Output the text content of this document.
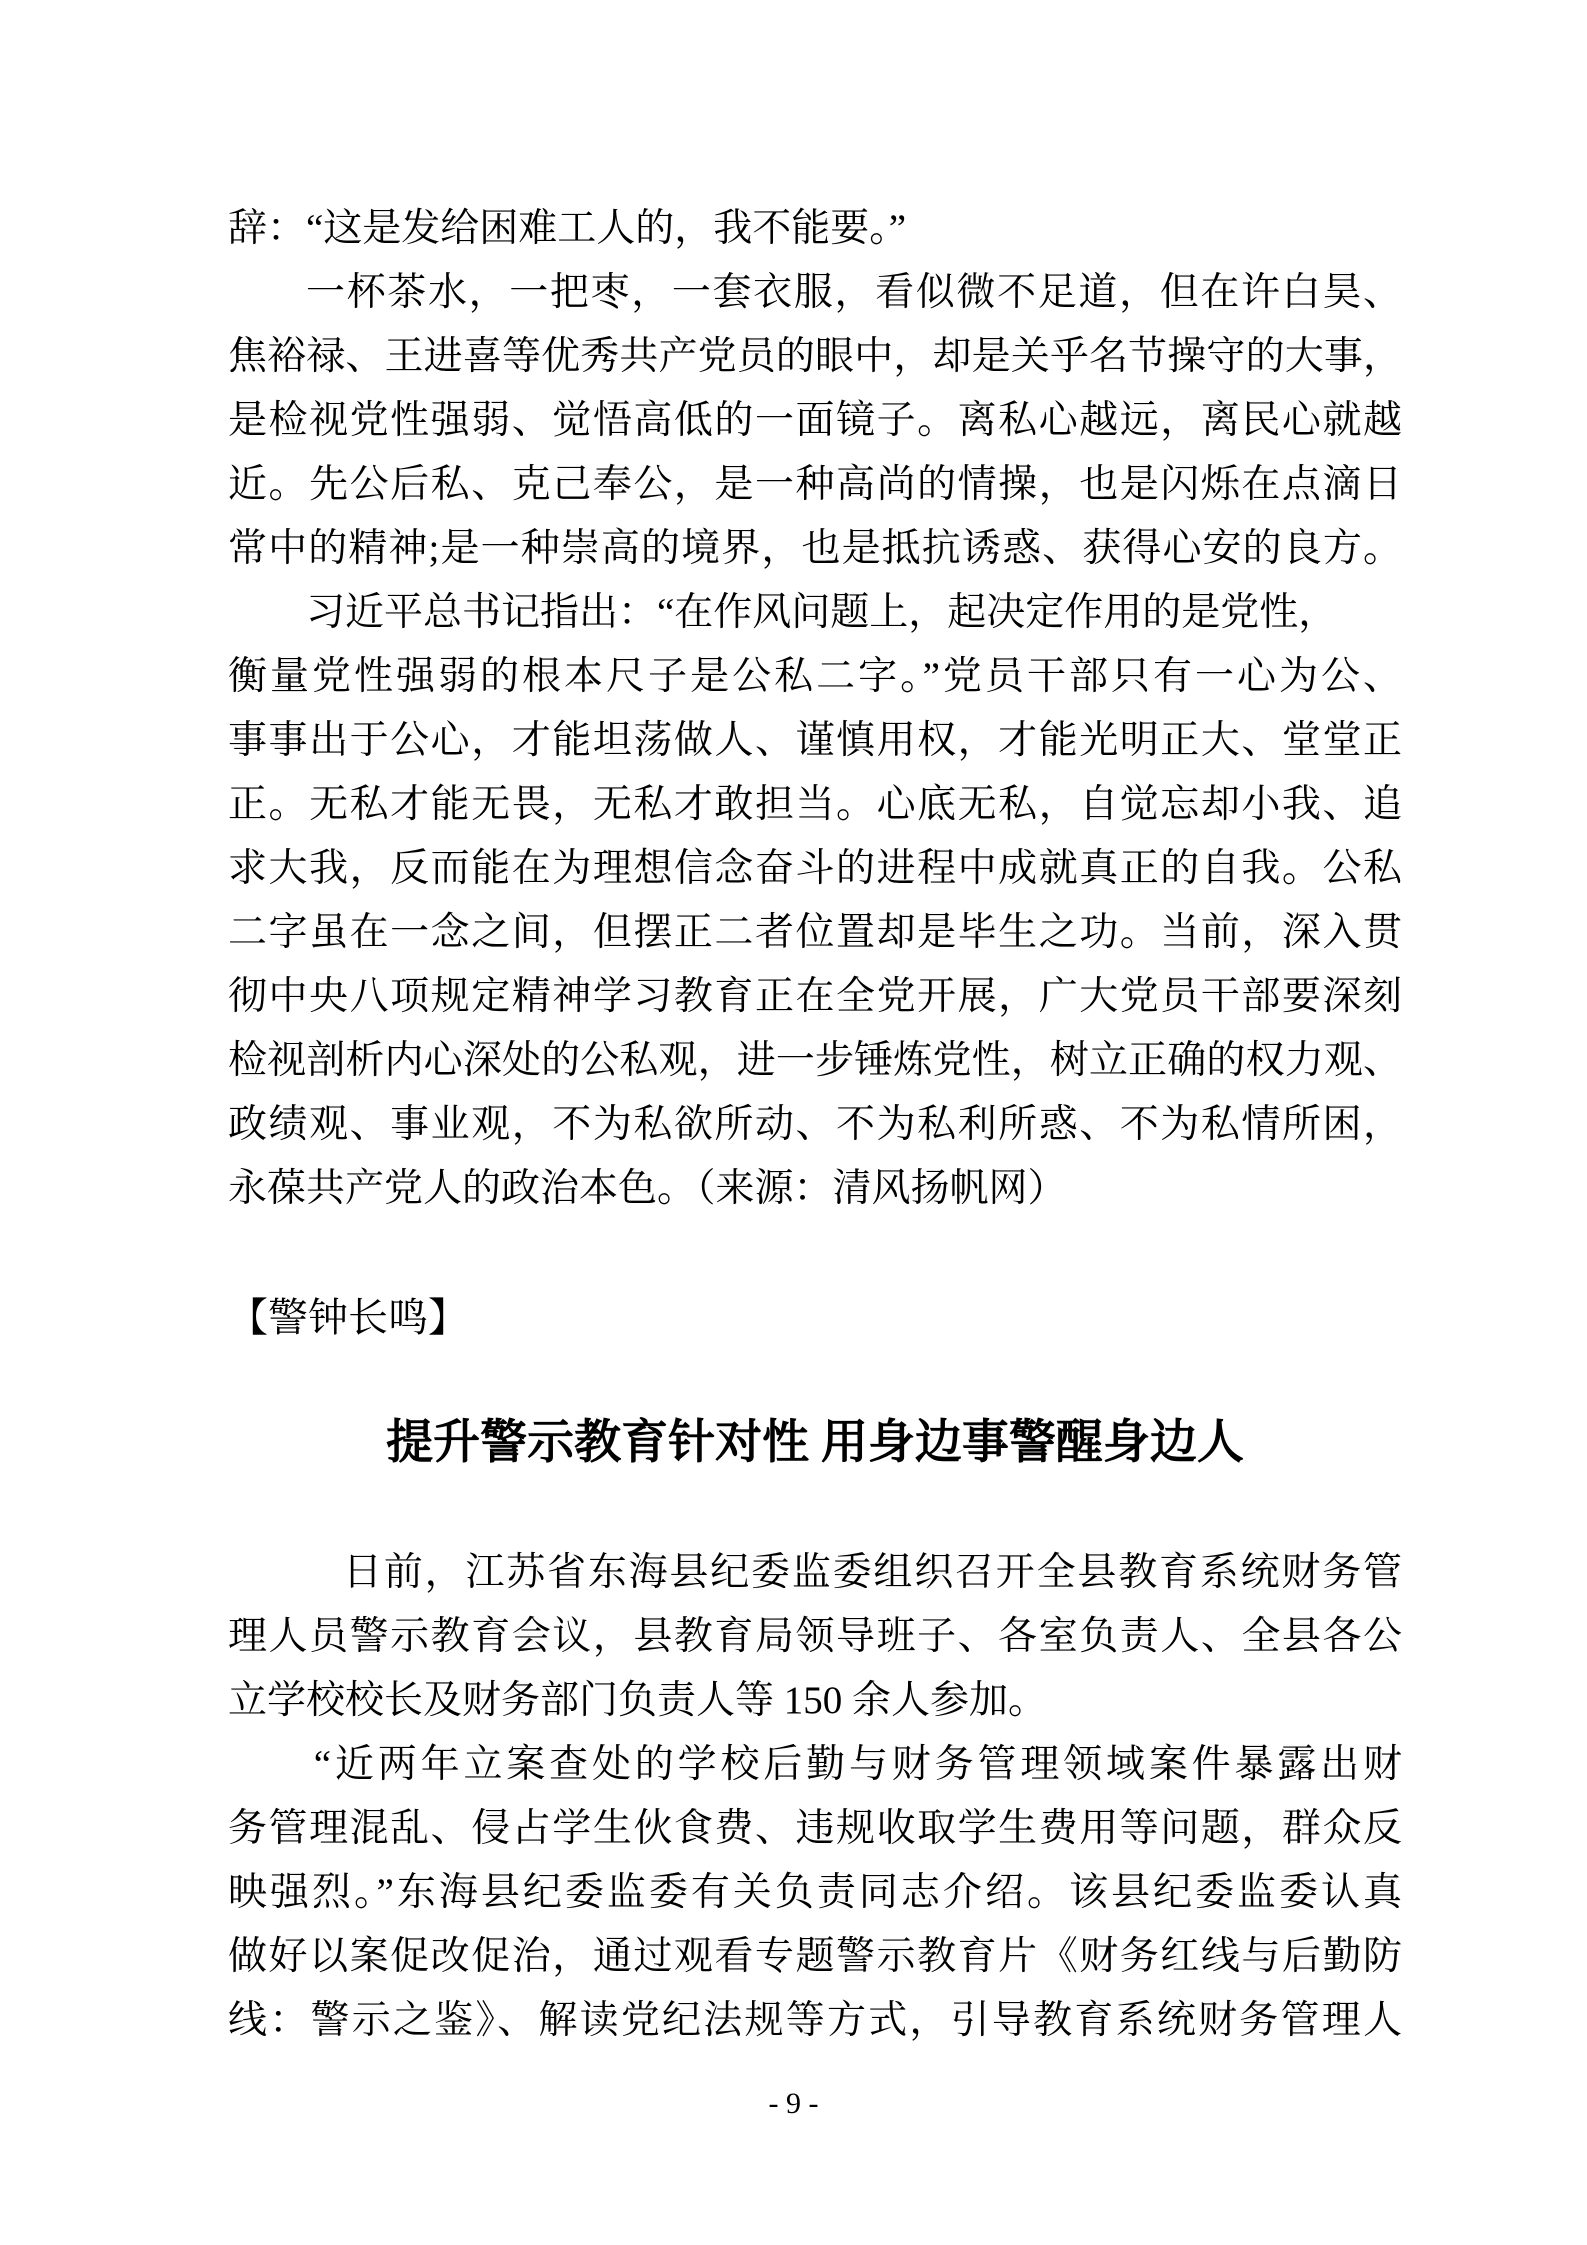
辞：“这是发给困难工人的，我不能要。”
一杯茶水，一把枣，一套衣服，看似微不足道，但在许白昊、
焦裕禄、王进喜等优秀共产党员的眼中，却是关乎名节操守的大事，
是检视党性强弱、觉悟高低的一面镜子。离私心越远，离民心就越
近。先公后私、克己奉公，是一种高尚的情操，也是闪烁在点滴日
常中的精神;是一种崇高的境界，也是抵抗诱惑、获得心安的良方。
习近平总书记指出：“在作风问题上，起决定作用的是党性，
衡量党性强弱的根本尺子是公私二字。”党员干部只有一心为公、
事事出于公心，才能坦荡做人、谨慎用权，才能光明正大、堂堂正
正。无私才能无畏，无私才敢担当。心底无私，自觉忘却小我、追
求大我，反而能在为理想信念奋斗的进程中成就真正的自我。公私
二字虽在一念之间，但摆正二者位置却是毕生之功。当前，深入贯
彻中央八项规定精神学习教育正在全党开展，广大党员干部要深刻
检视剖析内心深处的公私观，进一步锤炼党性，树立正确的权力观、
政绩观、事业观，不为私欲所动、不为私利所惑、不为私情所困，
永葆共产党人的政治本色。（来源：清风扬帆网）
【警钟长鸣】
提升警示教育针对性 用身边事警醒身边人
日前，江苏省东海县纪委监委组织召开全县教育系统财务管
理人员警示教育会议，县教育局领导班子、各室负责人、全县各公
立学校校长及财务部门负责人等 150 余人参加。
“近两年立案查处的学校后勤与财务管理领域案件暴露出财
务管理混乱、侵占学生伙食费、违规收取学生费用等问题，群众反
映强烈。”东海县纪委监委有关负责同志介绍。该县纪委监委认真
做好以案促改促治，通过观看专题警示教育片《财务红线与后勤防
线：警示之鉴》、解读党纪法规等方式，引导教育系统财务管理人
- 9 -
